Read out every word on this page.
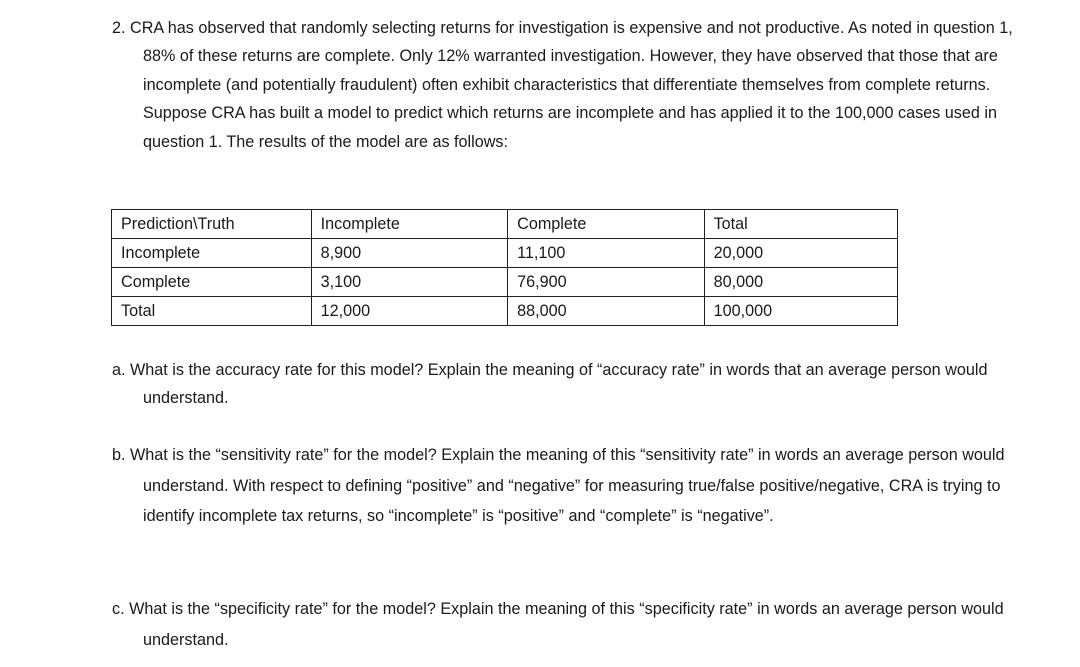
2. CRA has observed that randomly selecting returns for investigation is expensive and not productive. As noted in question 1, 88% of these returns are complete. Only 12% warranted investigation. However, they have observed that those that are incomplete (and potentially fraudulent) often exhibit characteristics that differentiate themselves from complete returns. Suppose CRA has built a model to predict which returns are incomplete and has applied it to the 100,000 cases used in question 1. The results of the model are as follows:
Prediction\Truth	Incomplete	Complete	Total
Incomplete	8,900	11,100	20,000
Complete	3,100	76,900	80,000
Total	12,000	88,000	100,000
a. What is the accuracy rate for this model? Explain the meaning of “accuracy rate” in words that an average person would understand.
b. What is the “sensitivity rate” for the model? Explain the meaning of this “sensitivity rate” in words an average person would understand. With respect to defining “positive” and “negative” for measuring true/false positive/negative, CRA is trying to identify incomplete tax returns, so “incomplete” is “positive” and “complete” is “negative”.
c. What is the “specificity rate” for the model? Explain the meaning of this “specificity rate” in words an average person would understand.
